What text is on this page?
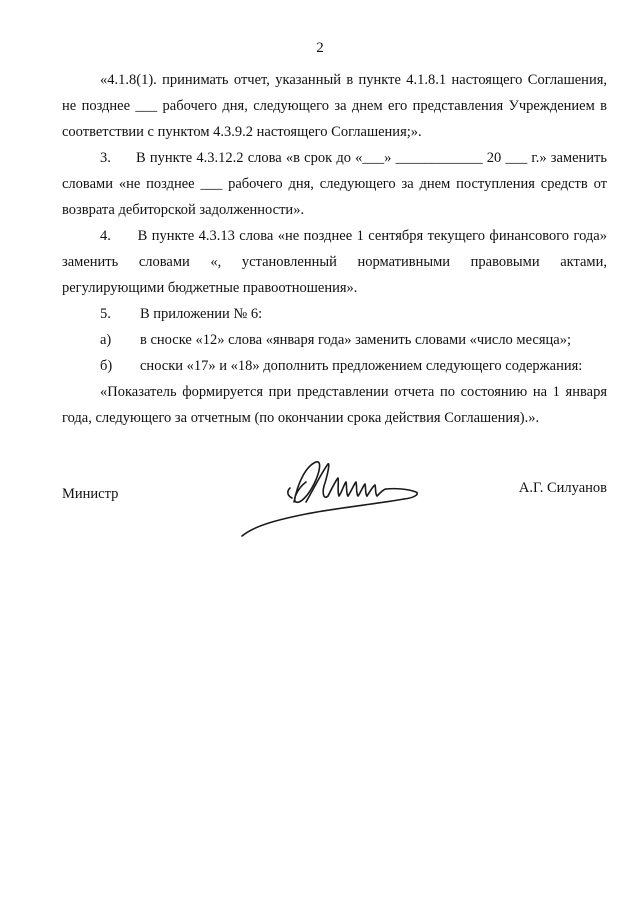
2

«4.1.8(1). принимать отчет, указанный в пункте 4.1.8.1 настоящего Соглашения, не позднее ___ рабочего дня, следующего за днем его представления Учреждением в соответствии с пунктом 4.3.9.2 настоящего Соглашения;».

3.      В пункте 4.3.12.2 слова «в срок до «___» ____________ 20 ___ г.» заменить словами «не позднее ___ рабочего дня, следующего за днем поступления средств от возврата дебиторской задолженности».

4.      В пункте 4.3.13 слова «не позднее 1 сентября текущего финансового года» заменить словами «, установленный нормативными правовыми актами, регулирующими бюджетные правоотношения».

5. В приложении № 6:

а) в сноске «12» слова «января года» заменить словами «число месяца»;

б) сноски «17» и «18» дополнить предложением следующего содержания:

«Показатель формируется при представлении отчета по состоянию на 1 января года, следующего за отчетным (по окончании срока действия Соглашения).».

Министр	А.Г. Силуанов
